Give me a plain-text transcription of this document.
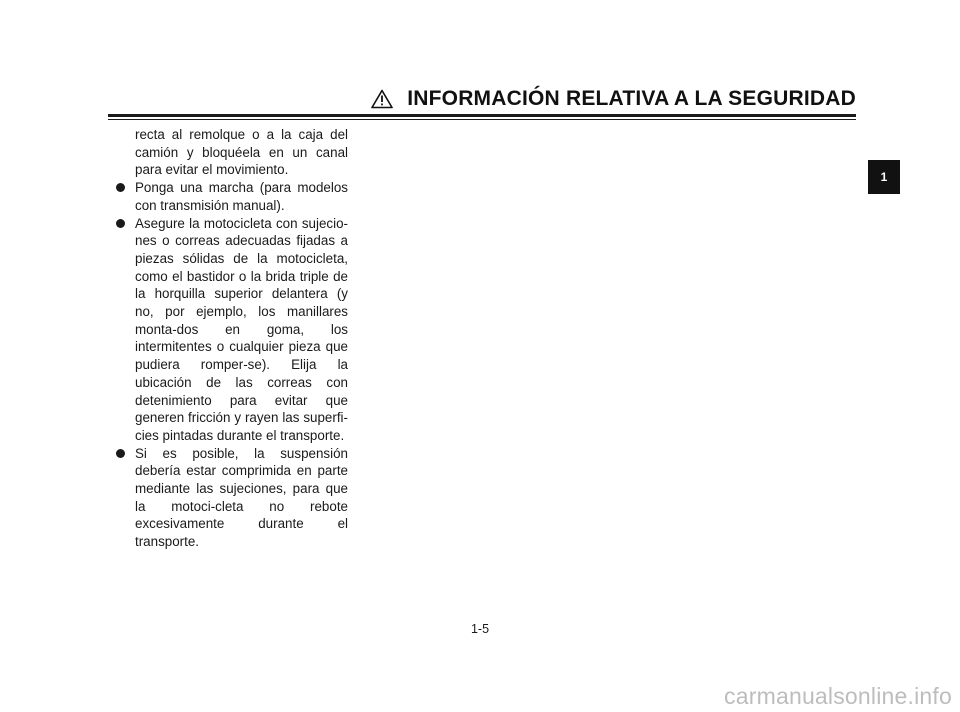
INFORMACIÓN RELATIVA A LA SEGURIDAD

recta al remolque o a la caja del camión y bloquéela en un canal para evitar el movimiento.

Ponga una marcha (para modelos con transmisión manual).
Asegure la motocicleta con sujecio-nes o correas adecuadas fijadas a piezas sólidas de la motocicleta, como el bastidor o la brida triple de la horquilla superior delantera (y no, por ejemplo, los manillares monta-dos en goma, los intermitentes o cualquier pieza que pudiera romper-se). Elija la ubicación de las correas con detenimiento para evitar que generen fricción y rayen las superfi-cies pintadas durante el transporte.
Si es posible, la suspensión debería estar comprimida en parte mediante las sujeciones, para que la motoci-cleta no rebote excesivamente durante el transporte.
1
1-5
carmanualsonline.info
